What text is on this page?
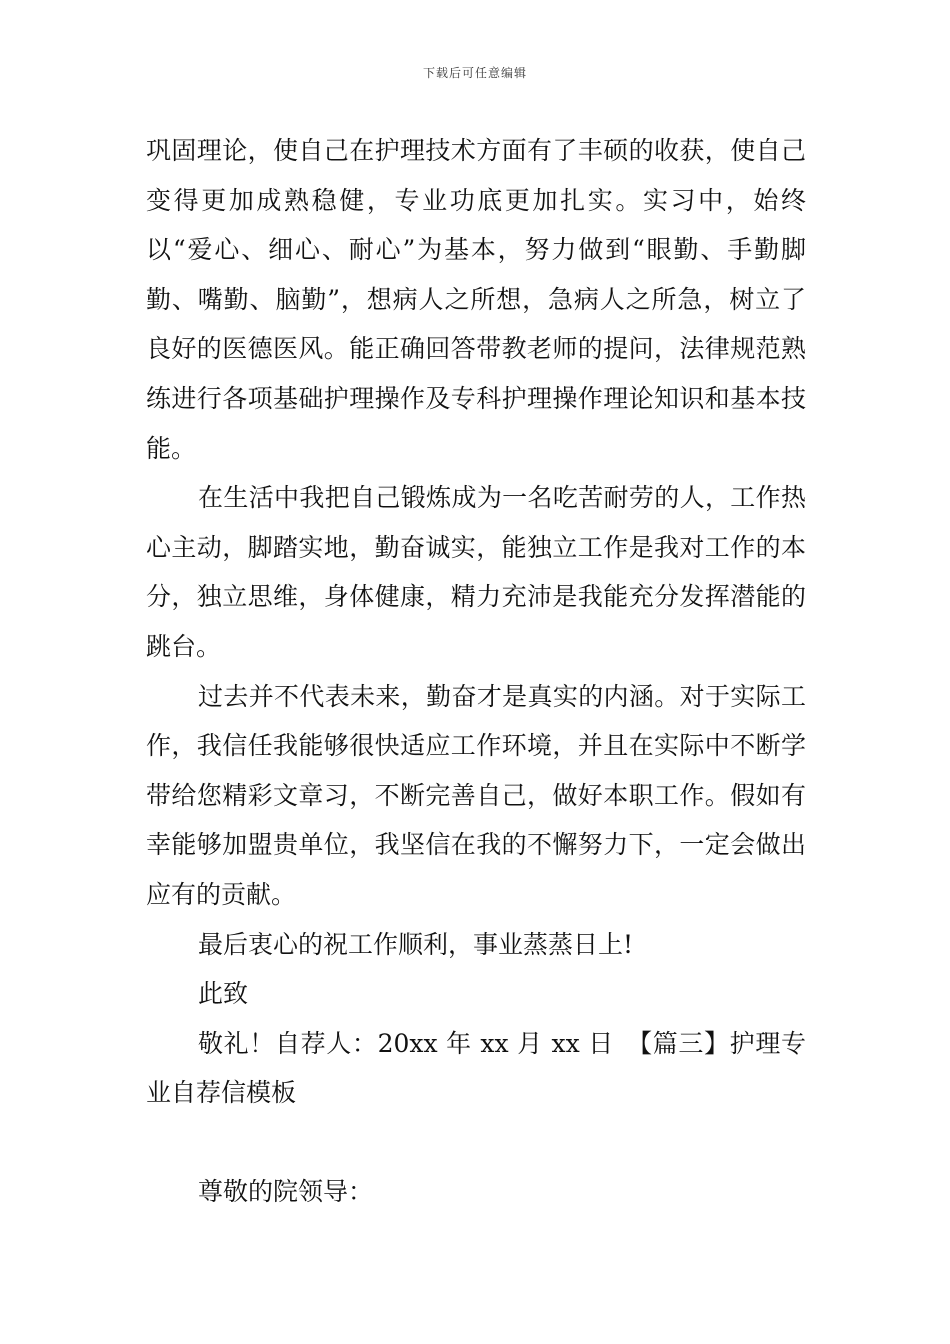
下载后可任意编辑

巩固理论，使自己在护理技术方面有了丰硕的收获，使自己变得更加成熟稳健，专业功底更加扎实。实习中，始终以“爱心、细心、耐心”为基本，努力做到“眼勤、手勤脚勤、嘴勤、脑勤”，想病人之所想，急病人之所急，树立了良好的医德医风。能正确回答带教老师的提问，法律规范熟练进行各项基础护理操作及专科护理操作理论知识和基本技能。

在生活中我把自己锻炼成为一名吃苦耐劳的人，工作热心主动，脚踏实地，勤奋诚实，能独立工作是我对工作的本分，独立思维，身体健康，精力充沛是我能充分发挥潜能的跳台。

过去并不代表未来，勤奋才是真实的内涵。对于实际工作，我信任我能够很快适应工作环境，并且在实际中不断学带给您精彩文章习，不断完善自己，做好本职工作。假如有幸能够加盟贵单位，我坚信在我的不懈努力下，一定会做出应有的贡献。

最后衷心的祝工作顺利，事业蒸蒸日上!

此致

敬礼！自荐人：20xx 年 xx 月 xx 日　【篇三】护理专业自荐信模板

尊敬的院领导：
